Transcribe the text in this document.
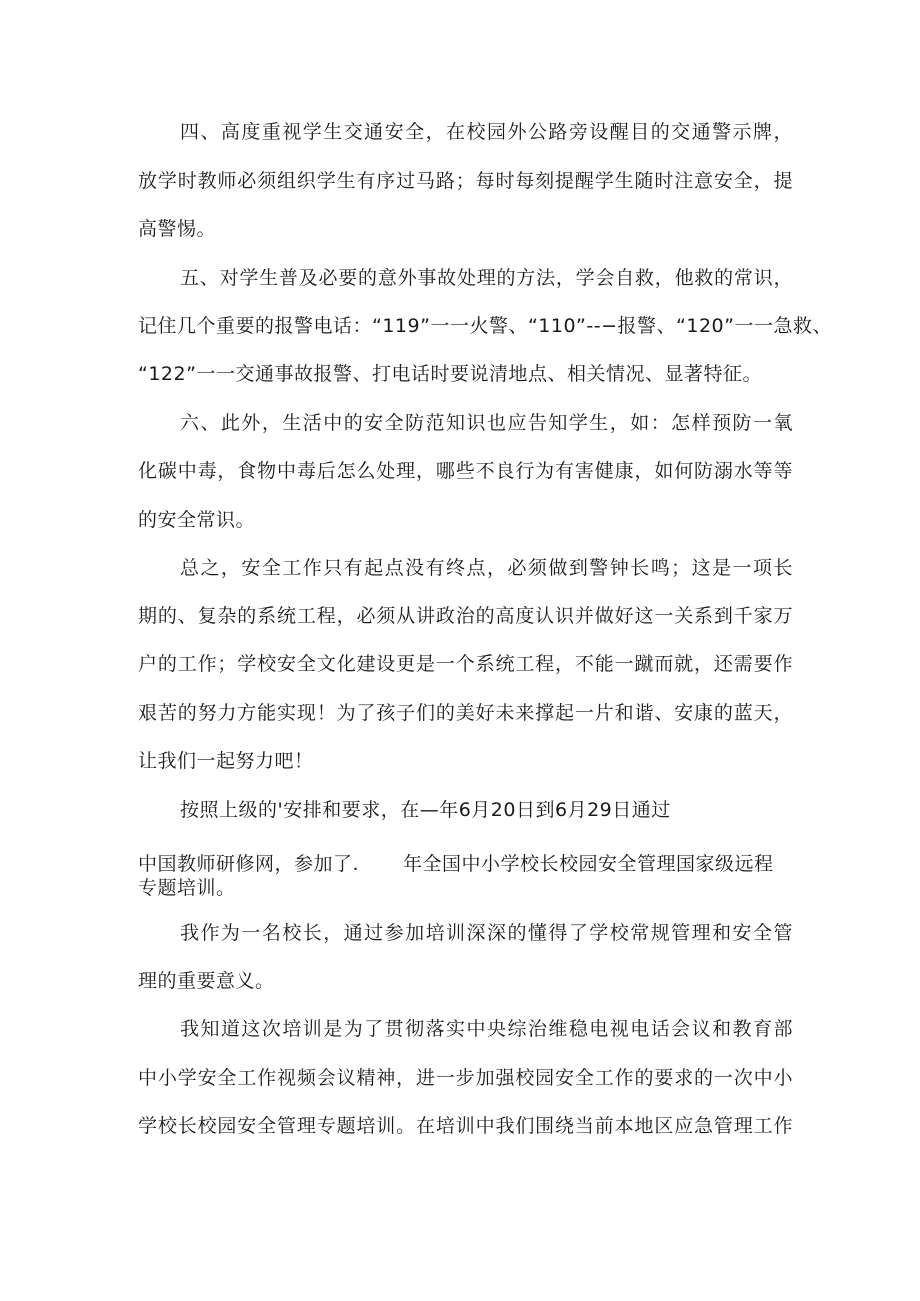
四、高度重视学生交通安全，在校园外公路旁设醒目的交通警示牌，
放学时教师必须组织学生有序过马路；每时每刻提醒学生随时注意安全，提
高警惕。
五、对学生普及必要的意外事故处理的方法，学会自救，他救的常识，
记住几个重要的报警电话：“119”一一火警、“110”--−报警、“120”一一急救、
“122”一一交通事故报警、打电话时要说清地点、相关情况、显著特征。
六、此外，生活中的安全防范知识也应告知学生，如：怎样预防一氧
化碳中毒，食物中毒后怎么处理，哪些不良行为有害健康，如何防溺水等等
的安全常识。
总之，安全工作只有起点没有终点，必须做到警钟长鸣；这是一项长
期的、复杂的系统工程，必须从讲政治的高度认识并做好这一关系到千家万
户的工作；学校安全文化建设更是一个系统工程，不能一蹴而就，还需要作
艰苦的努力方能实现！为了孩子们的美好未来撑起一片和谐、安康的蓝天，
让我们一起努力吧！
按照上级的'安排和要求，在—年6月20日到6月29日通过
中国教师研修网，参加了. 年全国中小学校长校园安全管理国家级远程
专题培训。
我作为一名校长，通过参加培训深深的懂得了学校常规管理和安全管
理的重要意义。
我知道这次培训是为了贯彻落实中央综治维稳电视电话会议和教育部
中小学安全工作视频会议精神，进一步加强校园安全工作的要求的一次中小
学校长校园安全管理专题培训。在培训中我们围绕当前本地区应急管理工作
